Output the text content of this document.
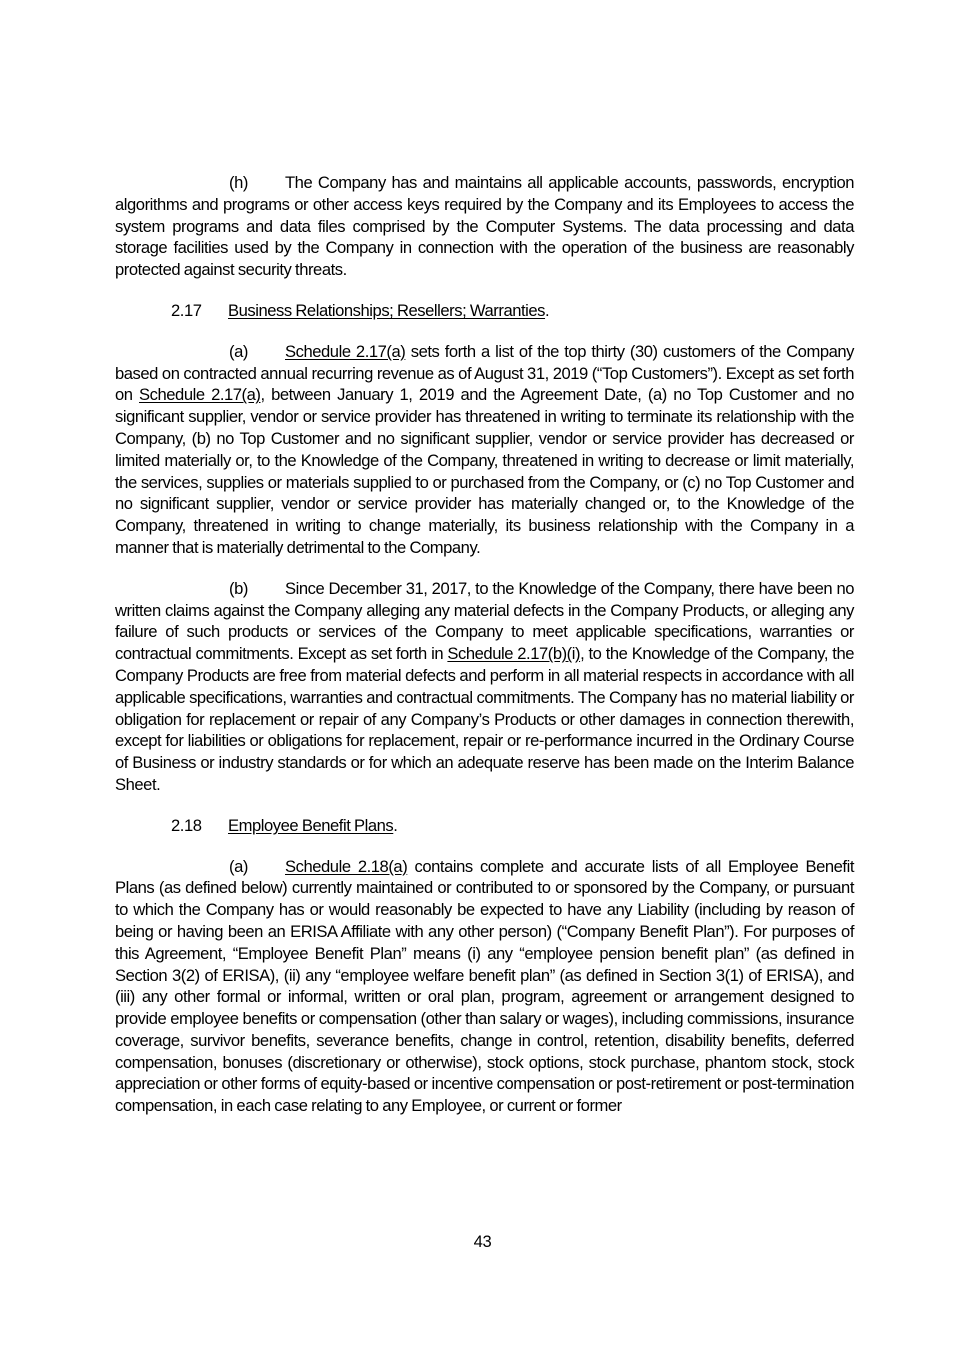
(h) The Company has and maintains all applicable accounts, passwords, encryption algorithms and programs or other access keys required by the Company and its Employees to access the system programs and data files comprised by the Computer Systems. The data processing and data storage facilities used by the Company in connection with the operation of the business are reasonably protected against security threats.

2.17 Business Relationships; Resellers; Warranties.

(a) Schedule 2.17(a) sets forth a list of the top thirty (30) customers of the Company based on contracted annual recurring revenue as of August 31, 2019 (“Top Customers”). Except as set forth on Schedule 2.17(a), between January 1, 2019 and the Agreement Date, (a) no Top Customer and no significant supplier, vendor or service provider has threatened in writing to terminate its relationship with the Company, (b) no Top Customer and no significant supplier, vendor or service provider has decreased or limited materially or, to the Knowledge of the Company, threatened in writing to decrease or limit materially, the services, supplies or materials supplied to or purchased from the Company, or (c) no Top Customer and no significant supplier, vendor or service provider has materially changed or, to the Knowledge of the Company, threatened in writing to change materially, its business relationship with the Company in a manner that is materially detrimental to the Company.

(b) Since December 31, 2017, to the Knowledge of the Company, there have been no written claims against the Company alleging any material defects in the Company Products, or alleging any failure of such products or services of the Company to meet applicable specifications, warranties or contractual commitments. Except as set forth in Schedule 2.17(b)(i), to the Knowledge of the Company, the Company Products are free from material defects and perform in all material respects in accordance with all applicable specifications, warranties and contractual commitments. The Company has no material liability or obligation for replacement or repair of any Company’s Products or other damages in connection therewith, except for liabilities or obligations for replacement, repair or re-performance incurred in the Ordinary Course of Business or industry standards or for which an adequate reserve has been made on the Interim Balance Sheet.

2.18 Employee Benefit Plans.

(a) Schedule 2.18(a) contains complete and accurate lists of all Employee Benefit Plans (as defined below) currently maintained or contributed to or sponsored by the Company, or pursuant to which the Company has or would reasonably be expected to have any Liability (including by reason of being or having been an ERISA Affiliate with any other person) (“Company Benefit Plan”). For purposes of this Agreement, “Employee Benefit Plan” means (i) any “employee pension benefit plan” (as defined in Section 3(2) of ERISA), (ii) any “employee welfare benefit plan” (as defined in Section 3(1) of ERISA), and (iii) any other formal or informal, written or oral plan, program, agreement or arrangement designed to provide employee benefits or compensation (other than salary or wages), including commissions, insurance coverage, survivor benefits, severance benefits, change in control, retention, disability benefits, deferred compensation, bonuses (discretionary or otherwise), stock options, stock purchase, phantom stock, stock appreciation or other forms of equity-based or incentive compensation or post-retirement or post-termination compensation, in each case relating to any Employee, or current or former

43
